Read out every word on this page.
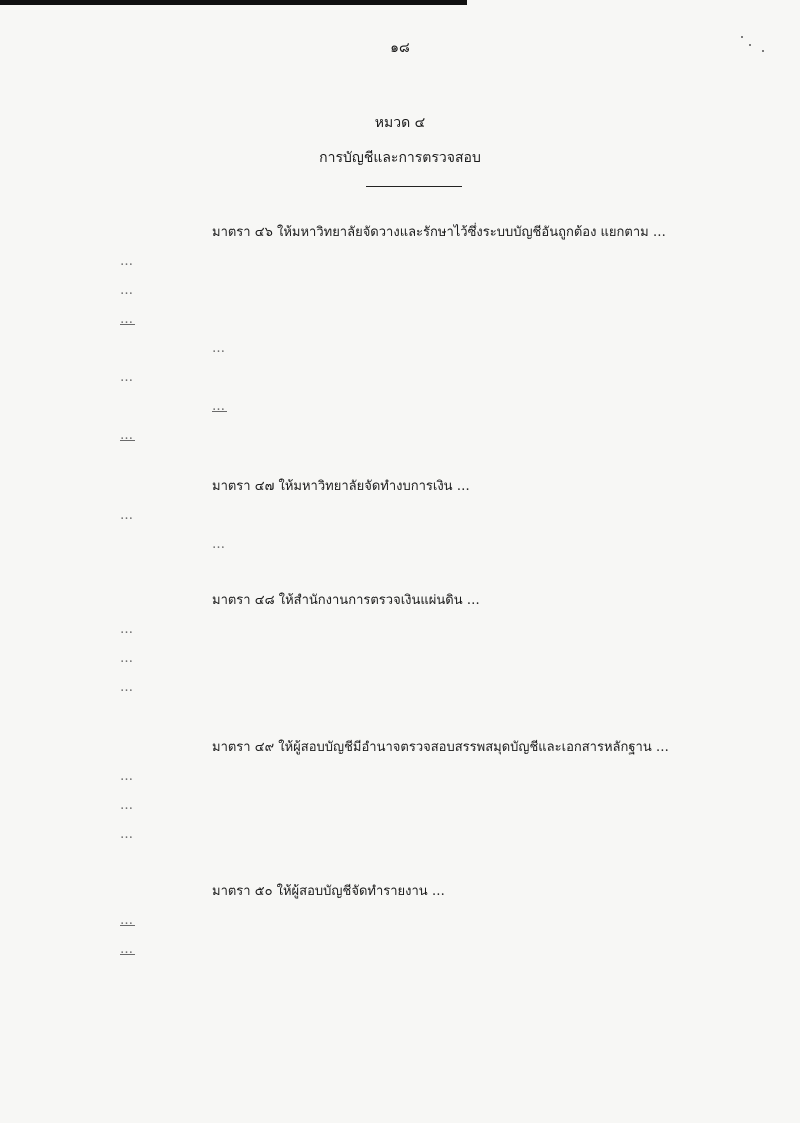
๑๘
หมวด ๔
การบัญชีและการตรวจสอบ

มาตรา ๔๖ ให้มหาวิทยาลัยจัดวางและรักษาไว้ซึ่งระบบบัญชีอันถูกต้อง แยกตาม …

…

…

…

…

…

…

…

มาตรา ๔๗ ให้มหาวิทยาลัยจัดทำงบการเงิน …

…

…

มาตรา ๔๘ ให้สำนักงานการตรวจเงินแผ่นดิน …

…

…

…

มาตรา ๔๙ ให้ผู้สอบบัญชีมีอำนาจตรวจสอบสรรพสมุดบัญชีและเอกสารหลักฐาน …

…

…

…

มาตรา ๕๐ ให้ผู้สอบบัญชีจัดทำรายงาน …

…

…
